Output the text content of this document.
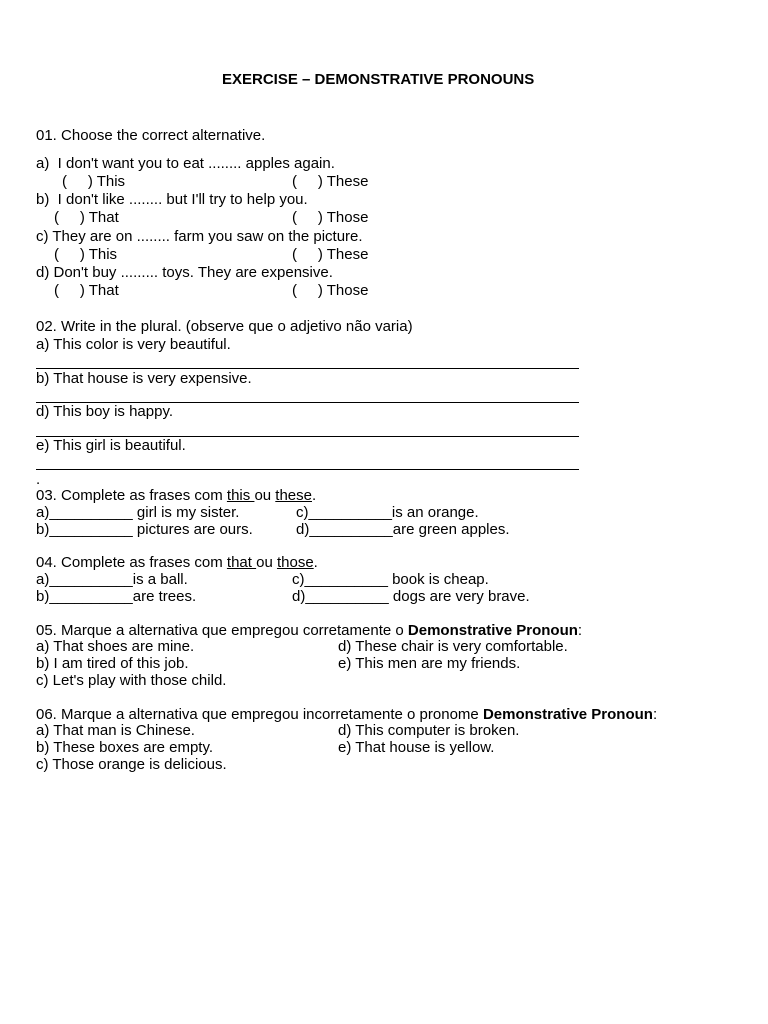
EXERCISE – DEMONSTRATIVE PRONOUNS
01. Choose the correct alternative.
a)  I don't want you to eat ........ apples again.
(     ) This	(     ) These
b)  I don't like ........ but I'll try to help you.
(     ) That	(     ) Those
c) They are on ........ farm you saw on the picture.
(     ) This	(     ) These
d) Don't buy ......... toys. They are expensive.
(     ) That	(     ) Those
02. Write in the plural. (observe que o adjetivo não varia)
a) This color is very beautiful.
b) That house is very expensive.
d) This boy is happy.
e) This girl is beautiful.
.
03. Complete as frases com this ou these.
a)__________ girl is my sister.	c)__________is an orange.
b)__________ pictures are ours.	d)__________are green apples.
04. Complete as frases com that ou those.
a)__________is a ball.	c)__________ book is cheap.
b)__________are trees.	d)__________ dogs are very brave.
05. Marque a alternativa que empregou corretamente o Demonstrative Pronoun:
a) That shoes are mine.	d) These chair is very comfortable.
b) I am tired of this job.	e) This men are my friends.
c) Let's play with those child.
06. Marque a alternativa que empregou incorretamente o pronome Demonstrative Pronoun:
a) That man is Chinese.	d) This computer is broken.
b) These boxes are empty.	e) That house is yellow.
c) Those orange is delicious.
